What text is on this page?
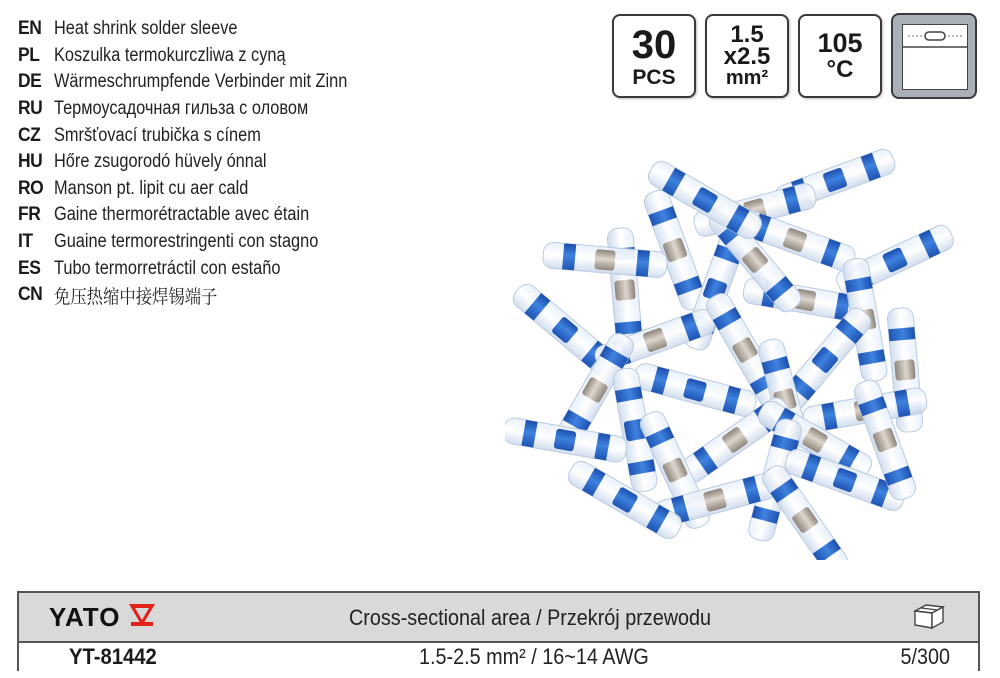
EN Heat shrink solder sleeve
PL Koszulka termokurczliwa z cyną
DE Wärmeschrumpfende Verbinder mit Zinn
RU Термоусадочная гильза с оловом
CZ Smršťovací trubička s cínem
HU Hőre zsugorodó hüvely ónnal
RO Manson pt. lipit cu aer cald
FR Gaine thermorétractable avec étain
IT	Guaine termorestringenti con stagno
ES Tubo termorretráctil con estaño
CN 免压热缩中接焊锡端子
30
PCS
1.5
x2.5
mm²
105
°C
YATO	Cross-sectional area / Przekrój przewodu
YT-81442	1.5-2.5 mm² / 16~14 AWG	5/300
